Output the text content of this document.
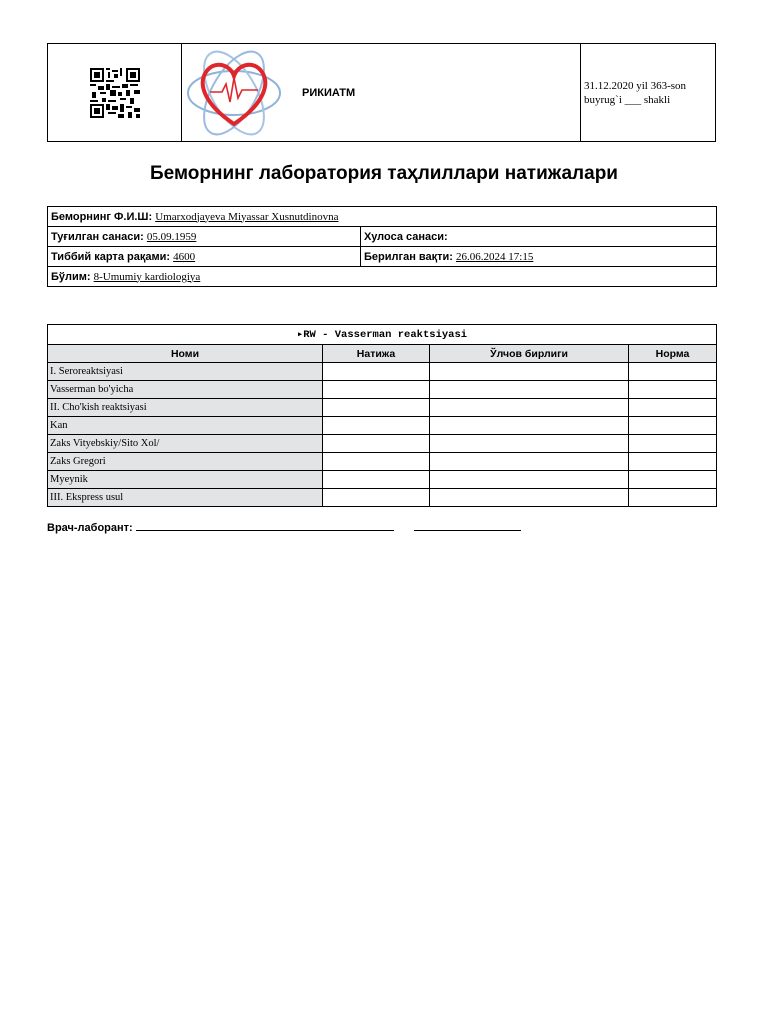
РИКИАТМ
31.12.2020 yil 363-son
buyrug`i ___ shakli
Беморнинг лаборатория таҳлиллари натижалари
Беморнинг Ф.И.Ш: Umarxodjayeva Miyassar Xusnutdinovna	
Туғилган санаси: 05.09.1959	Хулоса санаси:
Тиббий карта рақами: 4600	Берилган вақти: 26.06.2024 17:15
Бўлим: 8-Umumiy kardiologiya	
▸RW - Vasserman reaktsiyasi			
Номи	Натижа	Ўлчов бирлиги	Норма
I. Seroreaktsiyasi			
Vasserman bo'yicha			
II. Cho'kish reaktsiyasi			
Kan			
Zaks Vityebskiy/Sito Xol/			
Zaks Gregori			
Myeynik			
III. Ekspress usul			
Врач-лаборант:
